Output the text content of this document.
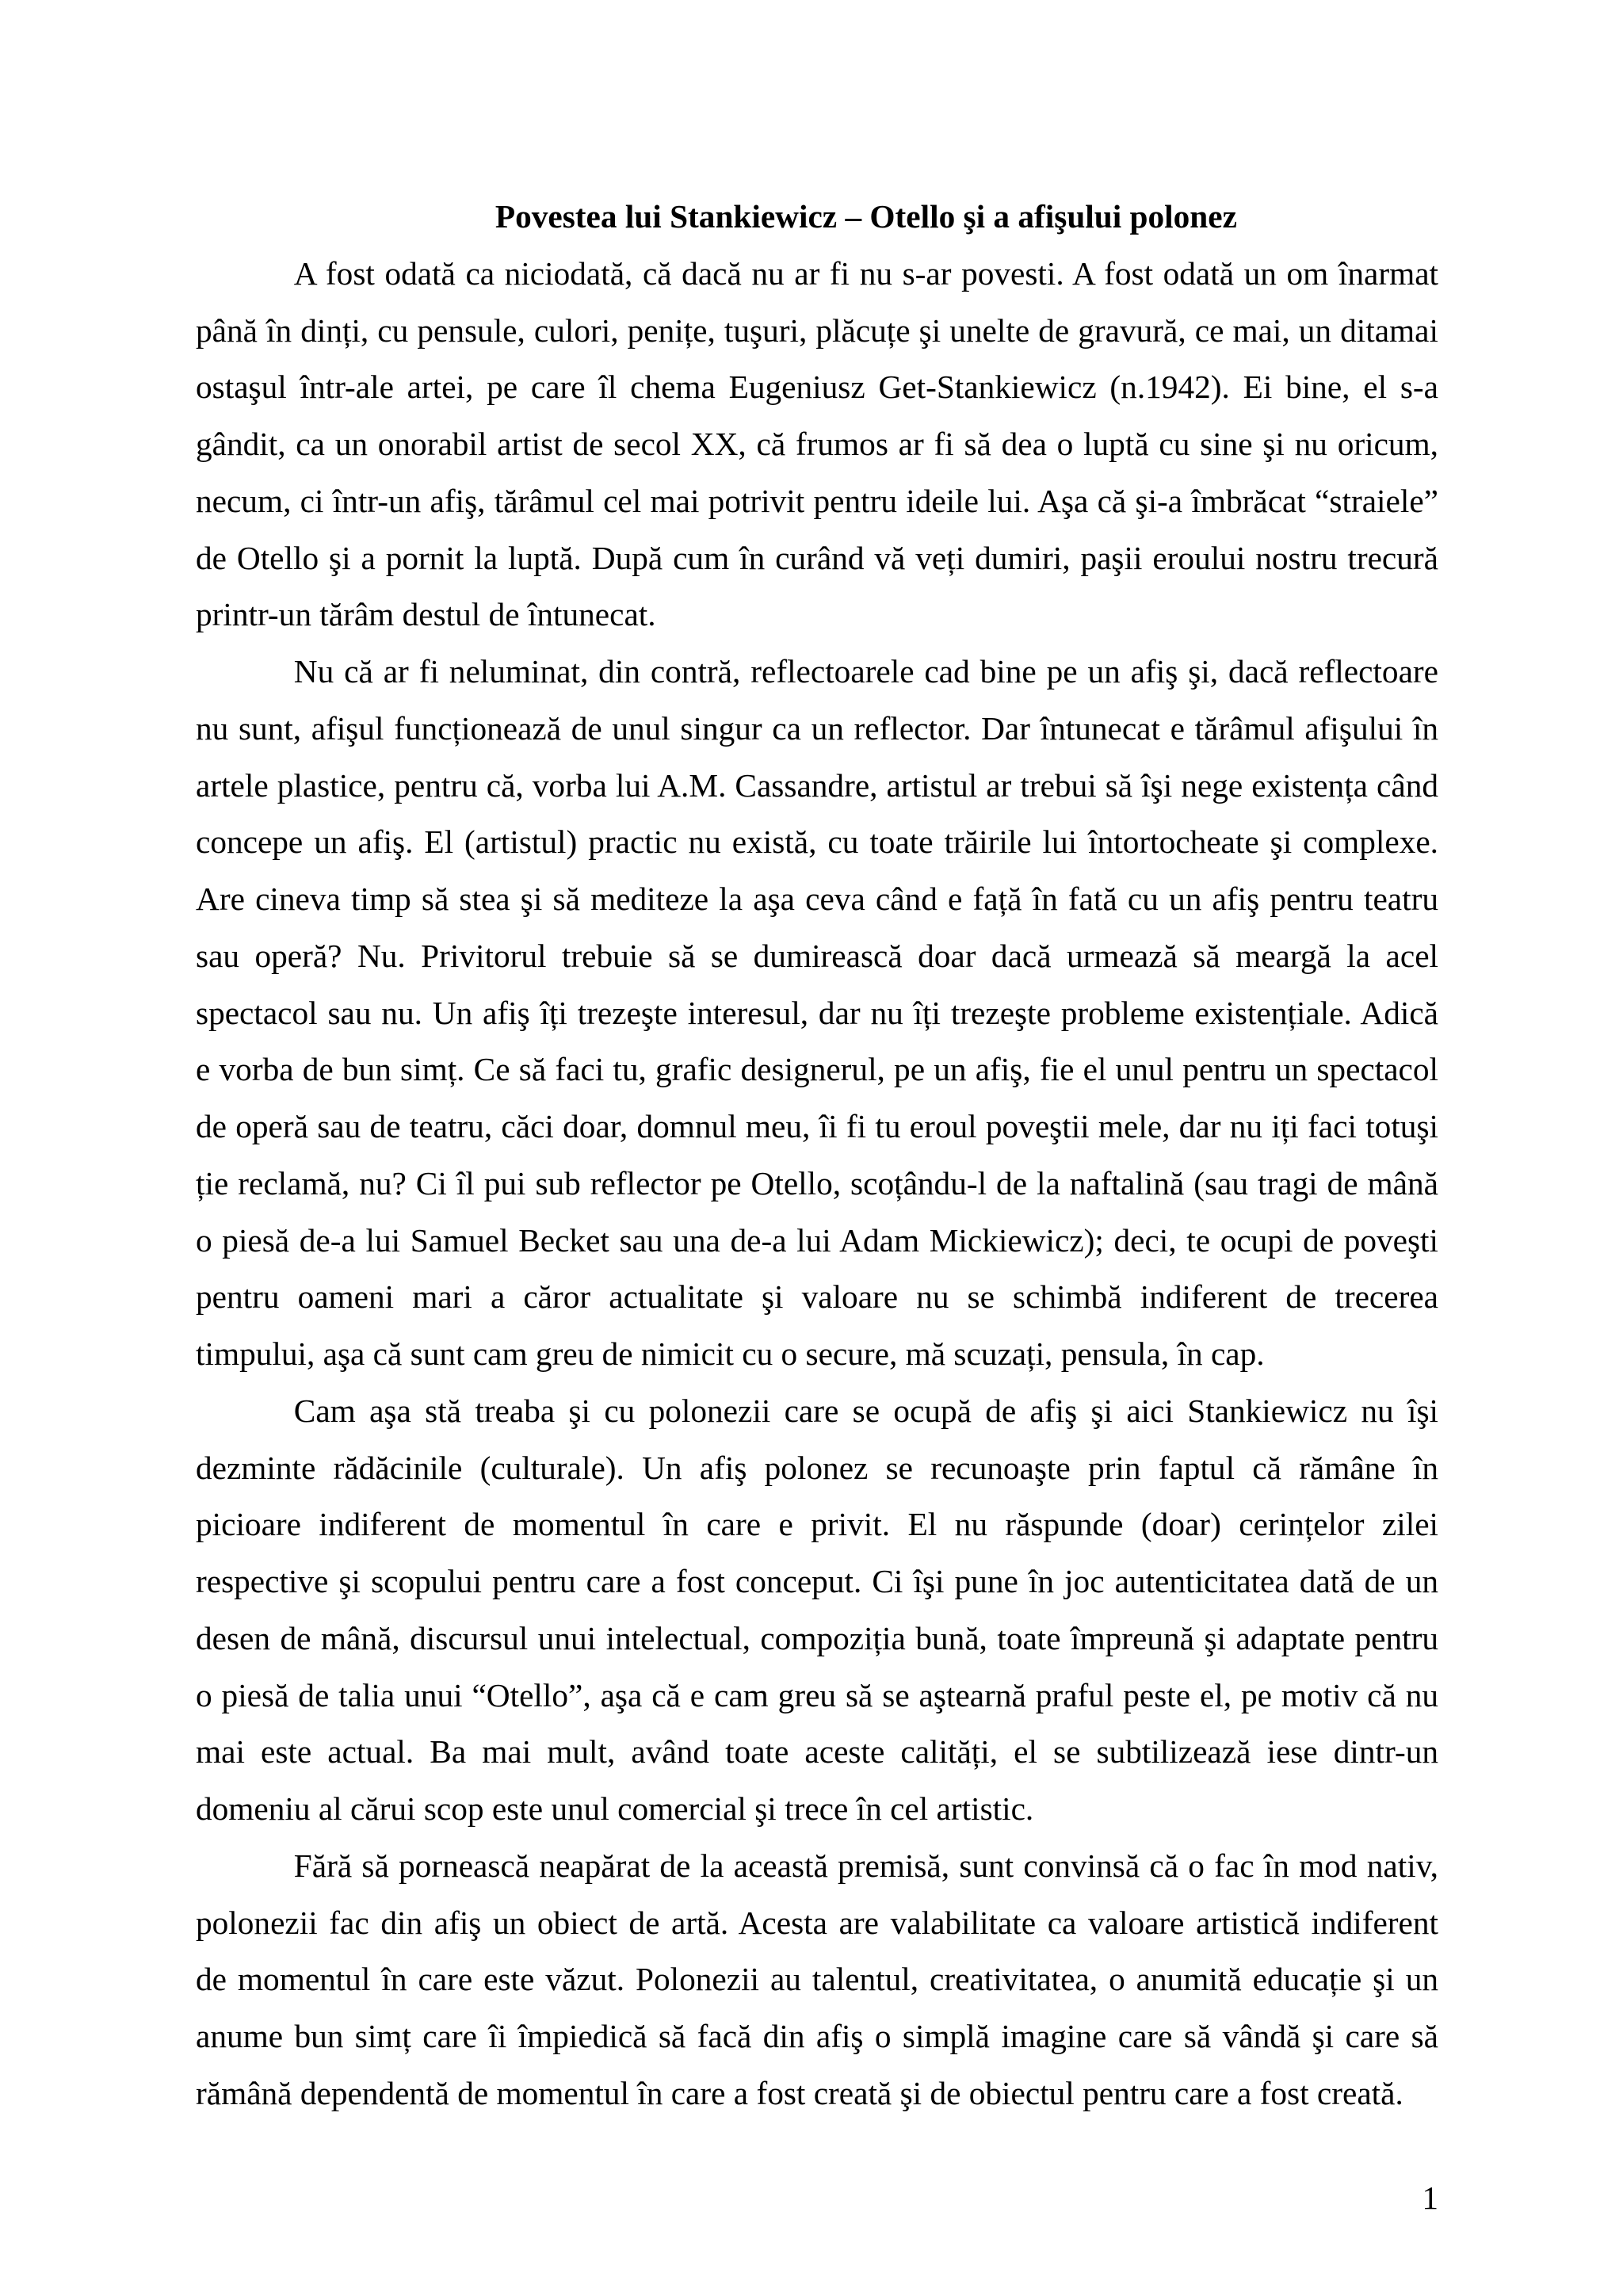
Povestea lui Stankiewicz – Otello şi a afişului polonez
A fost odată ca niciodată, că dacă nu ar fi nu s-ar povesti. A fost odată un om înarmat
până în dinți, cu pensule, culori, penițe, tuşuri, plăcuțe şi unelte de gravură, ce mai, un ditamai
ostaşul într-ale artei, pe care îl chema Eugeniusz Get-Stankiewicz (n.1942). Ei bine, el s-a
gândit, ca un onorabil artist de secol XX, că frumos ar fi să dea o luptă cu sine şi nu oricum,
necum, ci într-un afiş, tărâmul cel mai potrivit pentru ideile lui. Aşa că şi-a îmbrăcat “straiele”
de Otello şi a pornit la luptă. După cum în curând vă veți dumiri, paşii eroului nostru trecură
printr-un tărâm destul de întunecat.
Nu că ar fi neluminat, din contră, reflectoarele cad bine pe un afiş şi, dacă reflectoare
nu sunt, afişul funcționează de unul singur ca un reflector. Dar întunecat e tărâmul afişului în
artele plastice, pentru că, vorba lui A.M. Cassandre, artistul ar trebui să îşi nege existența când
concepe un afiş. El (artistul) practic nu există, cu toate trăirile lui întortocheate şi complexe.
Are cineva timp să stea şi să mediteze la aşa ceva când e față în fată cu un afiş pentru teatru
sau operă? Nu. Privitorul trebuie să se dumirească doar dacă urmează să meargă la acel
spectacol sau nu. Un afiş îți trezeşte interesul, dar nu îți trezeşte probleme existențiale. Adică
e vorba de bun simț. Ce să faci tu, grafic designerul, pe un afiş, fie el unul pentru un spectacol
de operă sau de teatru, căci doar, domnul meu, îi fi tu eroul poveştii mele, dar nu iți faci totuşi
ție reclamă, nu? Ci îl pui sub reflector pe Otello, scoțându-l de la naftalină (sau tragi de mână
o piesă de-a lui Samuel Becket sau una de-a lui Adam Mickiewicz); deci, te ocupi de poveşti
pentru oameni mari a căror actualitate şi valoare nu se schimbă indiferent de trecerea
timpului, aşa că sunt cam greu de nimicit cu o secure, mă scuzați, pensula, în cap.
Cam aşa stă treaba şi cu polonezii care se ocupă de afiş şi aici Stankiewicz nu îşi
dezminte rădăcinile (culturale). Un afiş polonez se recunoaşte prin faptul că rămâne în
picioare indiferent de momentul în care e privit. El nu răspunde (doar) cerințelor zilei
respective şi scopului pentru care a fost conceput. Ci îşi pune în joc autenticitatea dată de un
desen de mână, discursul unui intelectual, compoziția bună, toate împreună şi adaptate pentru
o piesă de talia unui “Otello”, aşa că e cam greu să se aştearnă praful peste el, pe motiv că nu
mai este actual. Ba mai mult, având toate aceste calități, el se subtilizează iese dintr-un
domeniu al cărui scop este unul comercial şi trece în cel artistic.
Fără să pornească neapărat de la această premisă, sunt convinsă că o fac în mod nativ,
polonezii fac din afiş un obiect de artă. Acesta are valabilitate ca valoare artistică indiferent
de momentul în care este văzut. Polonezii au talentul, creativitatea, o anumită educație şi un
anume bun simț care îi împiedică să facă din afiş o simplă imagine care să vândă şi care să
rămână dependentă de momentul în care a fost creată şi de obiectul pentru care a fost creată.
1
